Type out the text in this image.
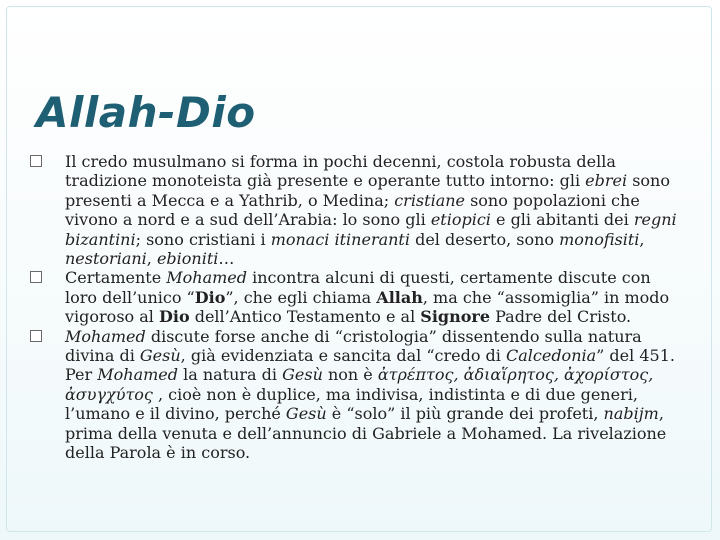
Allah-Dio
Il credo musulmano si forma in pochi decenni, costola robusta della tradizione monoteista già presente e operante tutto intorno: gli ebrei sono presenti a Mecca e a Yathrib, o Medina; cristiane sono popolazioni che vivono a nord e a sud dell’Arabia: lo sono gli etiopici e gli abitanti dei regni bizantini; sono cristiani i monaci itineranti del deserto, sono monofisiti, nestoriani, ebioniti…
Certamente Mohamed incontra alcuni di questi, certamente discute con loro dell’unico “Dio”, che egli chiama Allah, ma che “assomiglia” in modo vigoroso al Dio dell’Antico Testamento e al Signore Padre del Cristo.
Mohamed discute forse anche di “cristologia” dissentendo sulla natura divina di Gesù, già evidenziata e sancita dal “credo di Calcedonia” del 451. Per Mohamed la natura di Gesù non è ἀτρέπτος, ἀδιαἵρητος, ἀχορίστος, ἀσυγχύτος , cioè non è duplice, ma indivisa, indistinta e di due generi, l’umano e il divino, perché Gesù è “solo” il più grande dei profeti, nabijm, prima della venuta e dell’annuncio di Gabriele a Mohamed. La rivelazione della Parola è in corso.
